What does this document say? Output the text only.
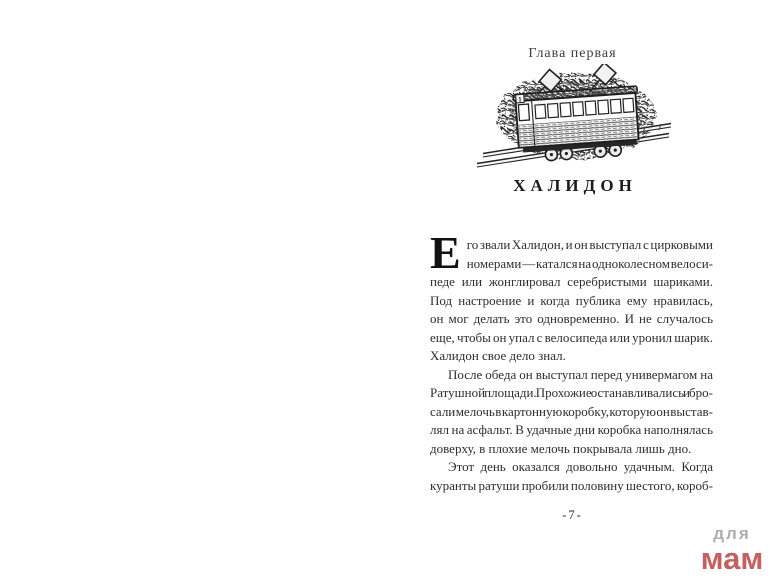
Глава первая
1
ХАЛИДОН
Е го звали Халидон, и он выступал с цирковыми
номерами — катался на одноколесном велоси-
педе или жонглировал серебристыми шариками.
Под настроение и когда публика ему нравилась,
он мог делать это одновременно. И не случалось
еще, чтобы он упал с велосипеда или уронил шарик.
Халидон свое дело знал.
После обеда он выступал перед универмагом на
Ратушной площади. Прохожие останавливались и бро-
сали мелочь в картонную коробку, которую он выстав-
лял на асфальт. В удачные дни коробка наполнялась
доверху, в плохие мелочь покрывала лишь дно.
Этот день оказался довольно удачным. Когда
куранты ратуши пробили половину шестого, короб-
-7-
для
мам
